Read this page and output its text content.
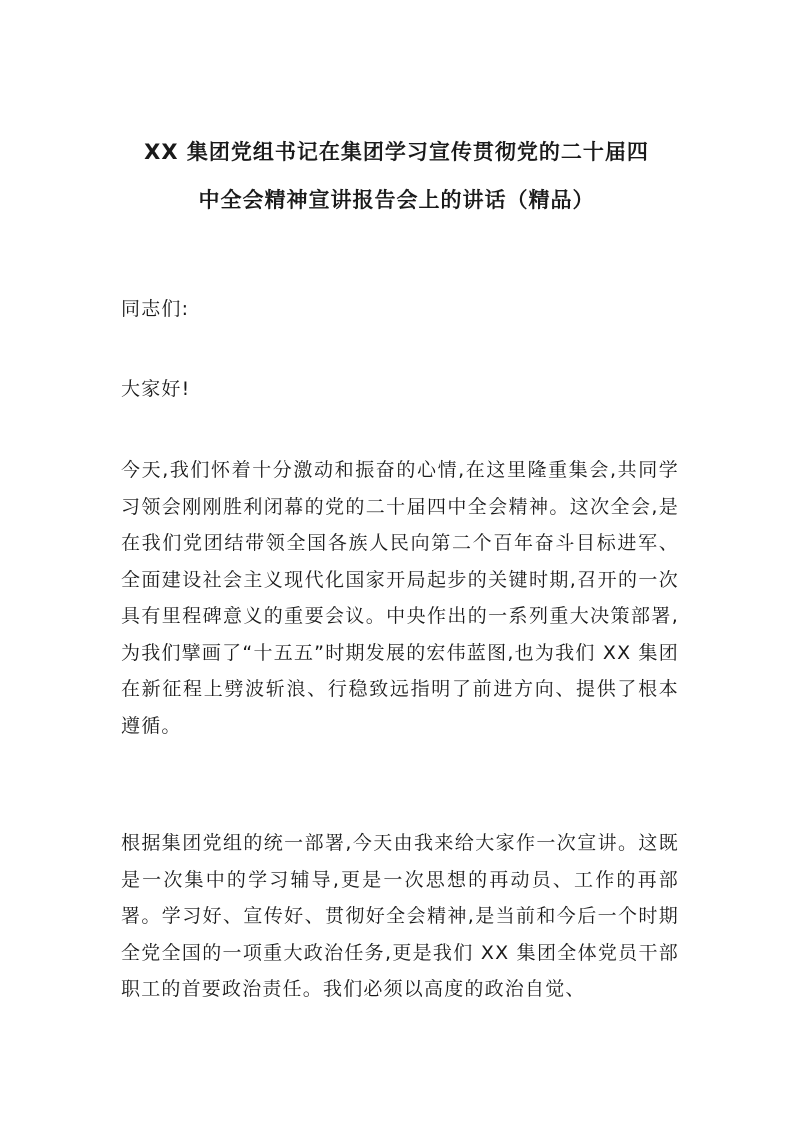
XX 集团党组书记在集团学习宣传贯彻党的二十届四
中全会精神宣讲报告会上的讲话（精品）
同志们:
大家好!
今天,我们怀着十分激动和振奋的心情,在这里隆重集会,共同学习领会刚刚胜利闭幕的党的二十届四中全会精神。这次全会,是在我们党团结带领全国各族人民向第二个百年奋斗目标进军、全面建设社会主义现代化国家开局起步的关键时期,召开的一次具有里程碑意义的重要会议。中央作出的一系列重大决策部署,为我们擘画了“十五五”时期发展的宏伟蓝图,也为我们 XX 集团在新征程上劈波斩浪、行稳致远指明了前进方向、提供了根本遵循。
根据集团党组的统一部署,今天由我来给大家作一次宣讲。这既是一次集中的学习辅导,更是一次思想的再动员、工作的再部署。学习好、宣传好、贯彻好全会精神,是当前和今后一个时期全党全国的一项重大政治任务,更是我们 XX 集团全体党员干部职工的首要政治责任。我们必须以高度的政治自觉、
